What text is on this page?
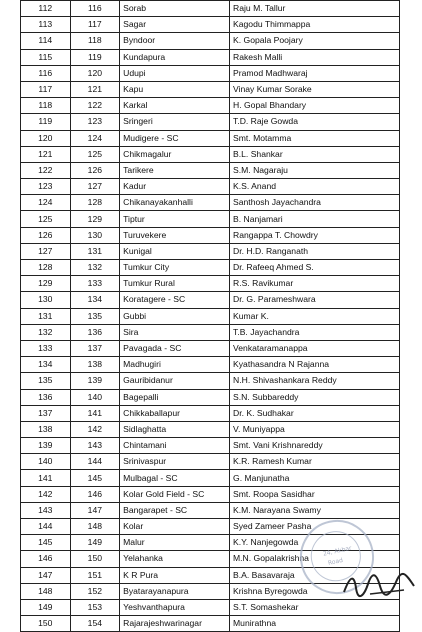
112	116	Sorab	Raju M. Tallur
113	117	Sagar	Kagodu Thimmappa
114	118	Byndoor	K. Gopala Poojary
115	119	Kundapura	Rakesh Malli
116	120	Udupi	Pramod Madhwaraj
117	121	Kapu	Vinay Kumar Sorake
118	122	Karkal	H. Gopal Bhandary
119	123	Sringeri	T.D. Raje Gowda
120	124	Mudigere - SC	Smt. Motamma
121	125	Chikmagalur	B.L. Shankar
122	126	Tarikere	S.M. Nagaraju
123	127	Kadur	K.S. Anand
124	128	Chikanayakanhalli	Santhosh Jayachandra
125	129	Tiptur	B. Nanjamari
126	130	Turuvekere	Rangappa T. Chowdry
127	131	Kunigal	Dr. H.D. Ranganath
128	132	Tumkur City	Dr. Rafeeq Ahmed S.
129	133	Tumkur Rural	R.S. Ravikumar
130	134	Koratagere - SC	Dr. G. Parameshwara
131	135	Gubbi	Kumar K.
132	136	Sira	T.B. Jayachandra
133	137	Pavagada - SC	Venkataramanappa
134	138	Madhugiri	Kyathasandra N Rajanna
135	139	Gauribidanur	N.H. Shivashankara Reddy
136	140	Bagepalli	S.N. Subbareddy
137	141	Chikkaballapur	Dr. K. Sudhakar
138	142	Sidlaghatta	V. Muniyappa
139	143	Chintamani	Smt. Vani Krishnareddy
140	144	Srinivaspur	K.R. Ramesh Kumar
141	145	Mulbagal - SC	G. Manjunatha
142	146	Kolar Gold Field - SC	Smt. Roopa Sasidhar
143	147	Bangarapet - SC	K.M. Narayana Swamy
144	148	Kolar	Syed Zameer Pasha
145	149	Malur	K.Y. Nanjegowda
146	150	Yelahanka	M.N. Gopalakrishna
147	151	K R Pura	B.A. Basavaraja
148	152	Byatarayanapura	Krishna Byregowda
149	153	Yeshvanthapura	S.T. Somashekar
150	154	Rajarajeshwarinagar	Munirathna
24, Akbar
Road
